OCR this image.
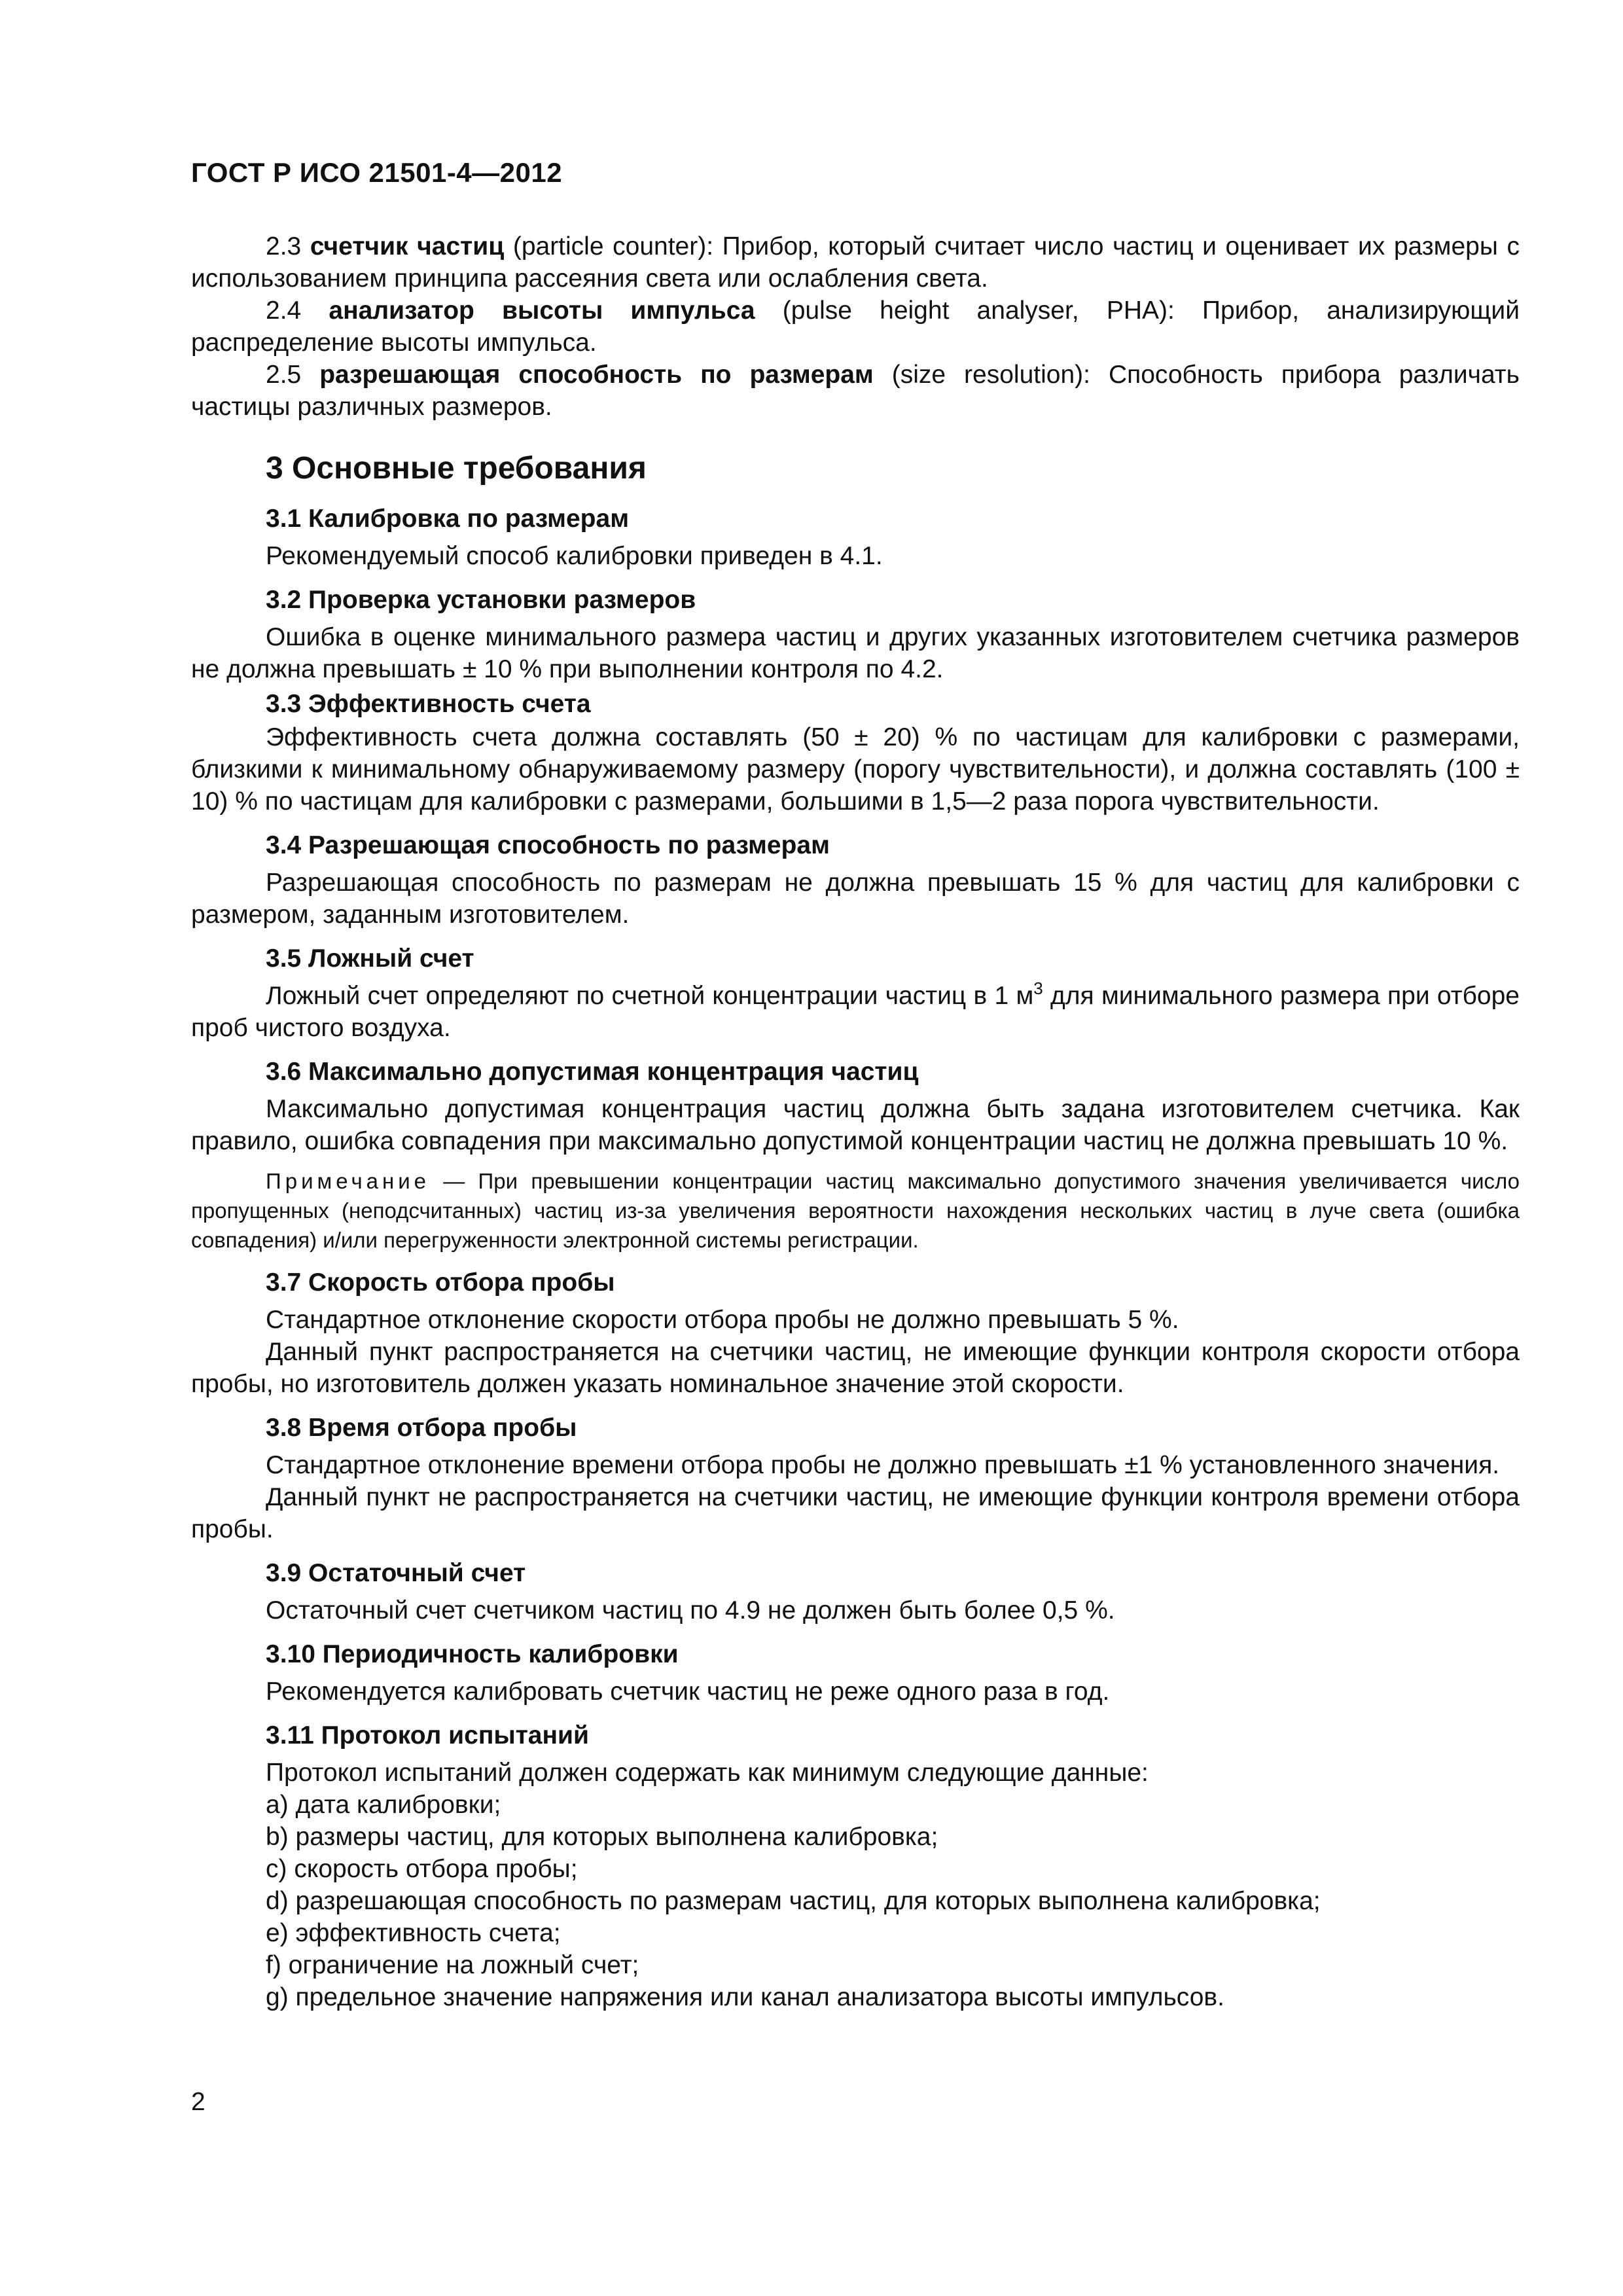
ГОСТ Р ИСО 21501-4—2012

2.3 счетчик частиц (particle counter): Прибор, который считает число частиц и оценивает их размеры с использованием принципа рассеяния света или ослабления света.

2.4 анализатор высоты импульса (pulse height analyser, PHA): Прибор, анализирующий распределение высоты импульса.

2.5 разрешающая способность по размерам (size resolution): Способность прибора различать частицы различных размеров.

3 Основные требования
3.1 Калибровка по размерам

Рекомендуемый способ калибровки приведен в 4.1.

3.2 Проверка установки размеров

Ошибка в оценке минимального размера частиц и других указанных изготовителем счетчика размеров не должна превышать ± 10 % при выполнении контроля по 4.2.

3.3 Эффективность счета

Эффективность счета должна составлять (50 ± 20) % по частицам для калибровки с размерами, близкими к минимальному обнаруживаемому размеру (порогу чувствительности), и должна составлять (100 ± 10) % по частицам для калибровки с размерами, большими в 1,5—2 раза порога чувствительности.

3.4 Разрешающая способность по размерам

Разрешающая способность по размерам не должна превышать 15 % для частиц для калибровки с размером, заданным изготовителем.

3.5 Ложный счет

Ложный счет определяют по счетной концентрации частиц в 1 $м^3$ для минимального размера при отборе проб чистого воздуха.

3.6 Максимально допустимая концентрация частиц

Максимально допустимая концентрация частиц должна быть задана изготовителем счетчика. Как правило, ошибка совпадения при максимально допустимой концентрации частиц не должна превышать 10 %.

Примечание — При превышении концентрации частиц максимально допустимого значения увеличивается число пропущенных (неподсчитанных) частиц из-за увеличения вероятности нахождения нескольких частиц в луче света (ошибка совпадения) и/или перегруженности электронной системы регистрации.

3.7 Скорость отбора пробы

Стандартное отклонение скорости отбора пробы не должно превышать 5 %.

Данный пункт распространяется на счетчики частиц, не имеющие функции контроля скорости отбора пробы, но изготовитель должен указать номинальное значение этой скорости.

3.8 Время отбора пробы

Стандартное отклонение времени отбора пробы не должно превышать ±1 % установленного значения.

Данный пункт не распространяется на счетчики частиц, не имеющие функции контроля времени отбора пробы.

3.9 Остаточный счет

Остаточный счет счетчиком частиц по 4.9 не должен быть более 0,5 %.

3.10 Периодичность калибровки

Рекомендуется калибровать счетчик частиц не реже одного раза в год.

3.11 Протокол испытаний

Протокол испытаний должен содержать как минимум следующие данные:

a) дата калибровки;
b) размеры частиц, для которых выполнена калибровка;
c) скорость отбора пробы;
d) разрешающая способность по размерам частиц, для которых выполнена калибровка;
e) эффективность счета;
f) ограничение на ложный счет;
g) предельное значение напряжения или канал анализатора высоты импульсов.
2
